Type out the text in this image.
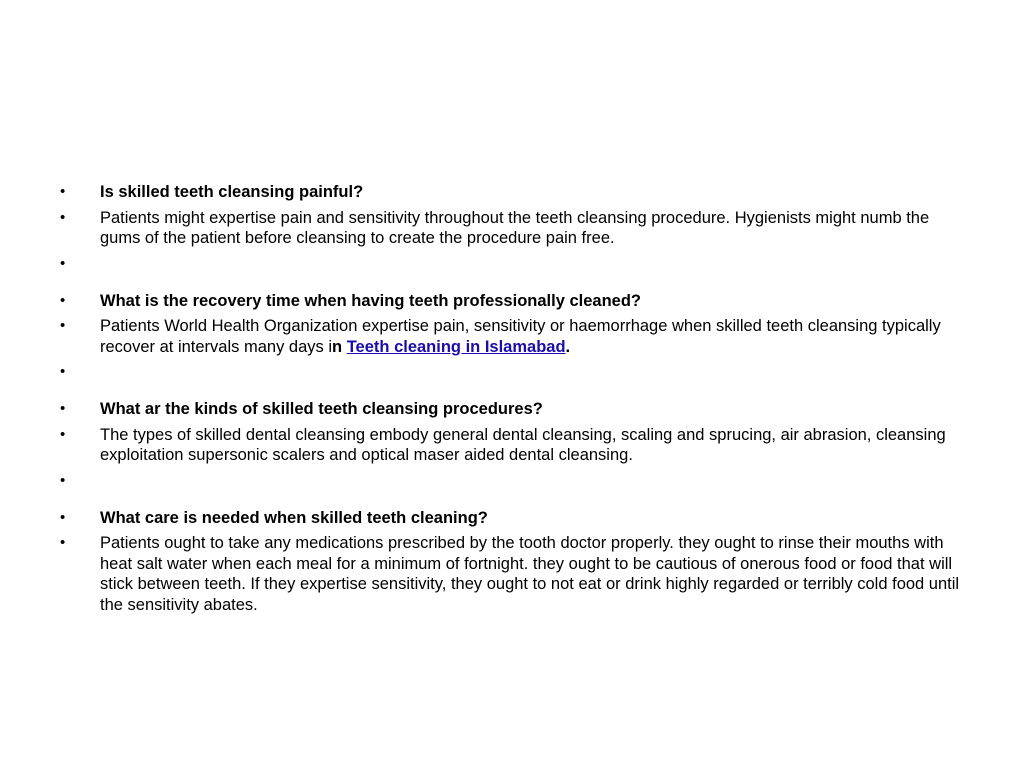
•	Is skilled teeth cleansing painful?
•	Patients might expertise pain and sensitivity throughout the teeth cleansing procedure. Hygienists might numb the gums of the patient before cleansing to create the procedure pain free.
•
•	What is the recovery time when having teeth professionally cleaned?
•	Patients World Health Organization expertise pain, sensitivity or haemorrhage when skilled teeth cleansing typically recover at intervals many days in Teeth cleaning in Islamabad.
•
•	What ar the kinds of skilled teeth cleansing procedures?
•	The types of skilled dental cleansing embody general dental cleansing, scaling and sprucing, air abrasion, cleansing exploitation supersonic scalers and optical maser aided dental cleansing.
•
•	What care is needed when skilled teeth cleaning?
•	Patients ought to take any medications prescribed by the tooth doctor properly. they ought to rinse their mouths with heat salt water when each meal for a minimum of fortnight. they ought to be cautious of onerous food or food that will stick between teeth. If they expertise sensitivity, they ought to not eat or drink highly regarded or terribly cold food until the sensitivity abates.
